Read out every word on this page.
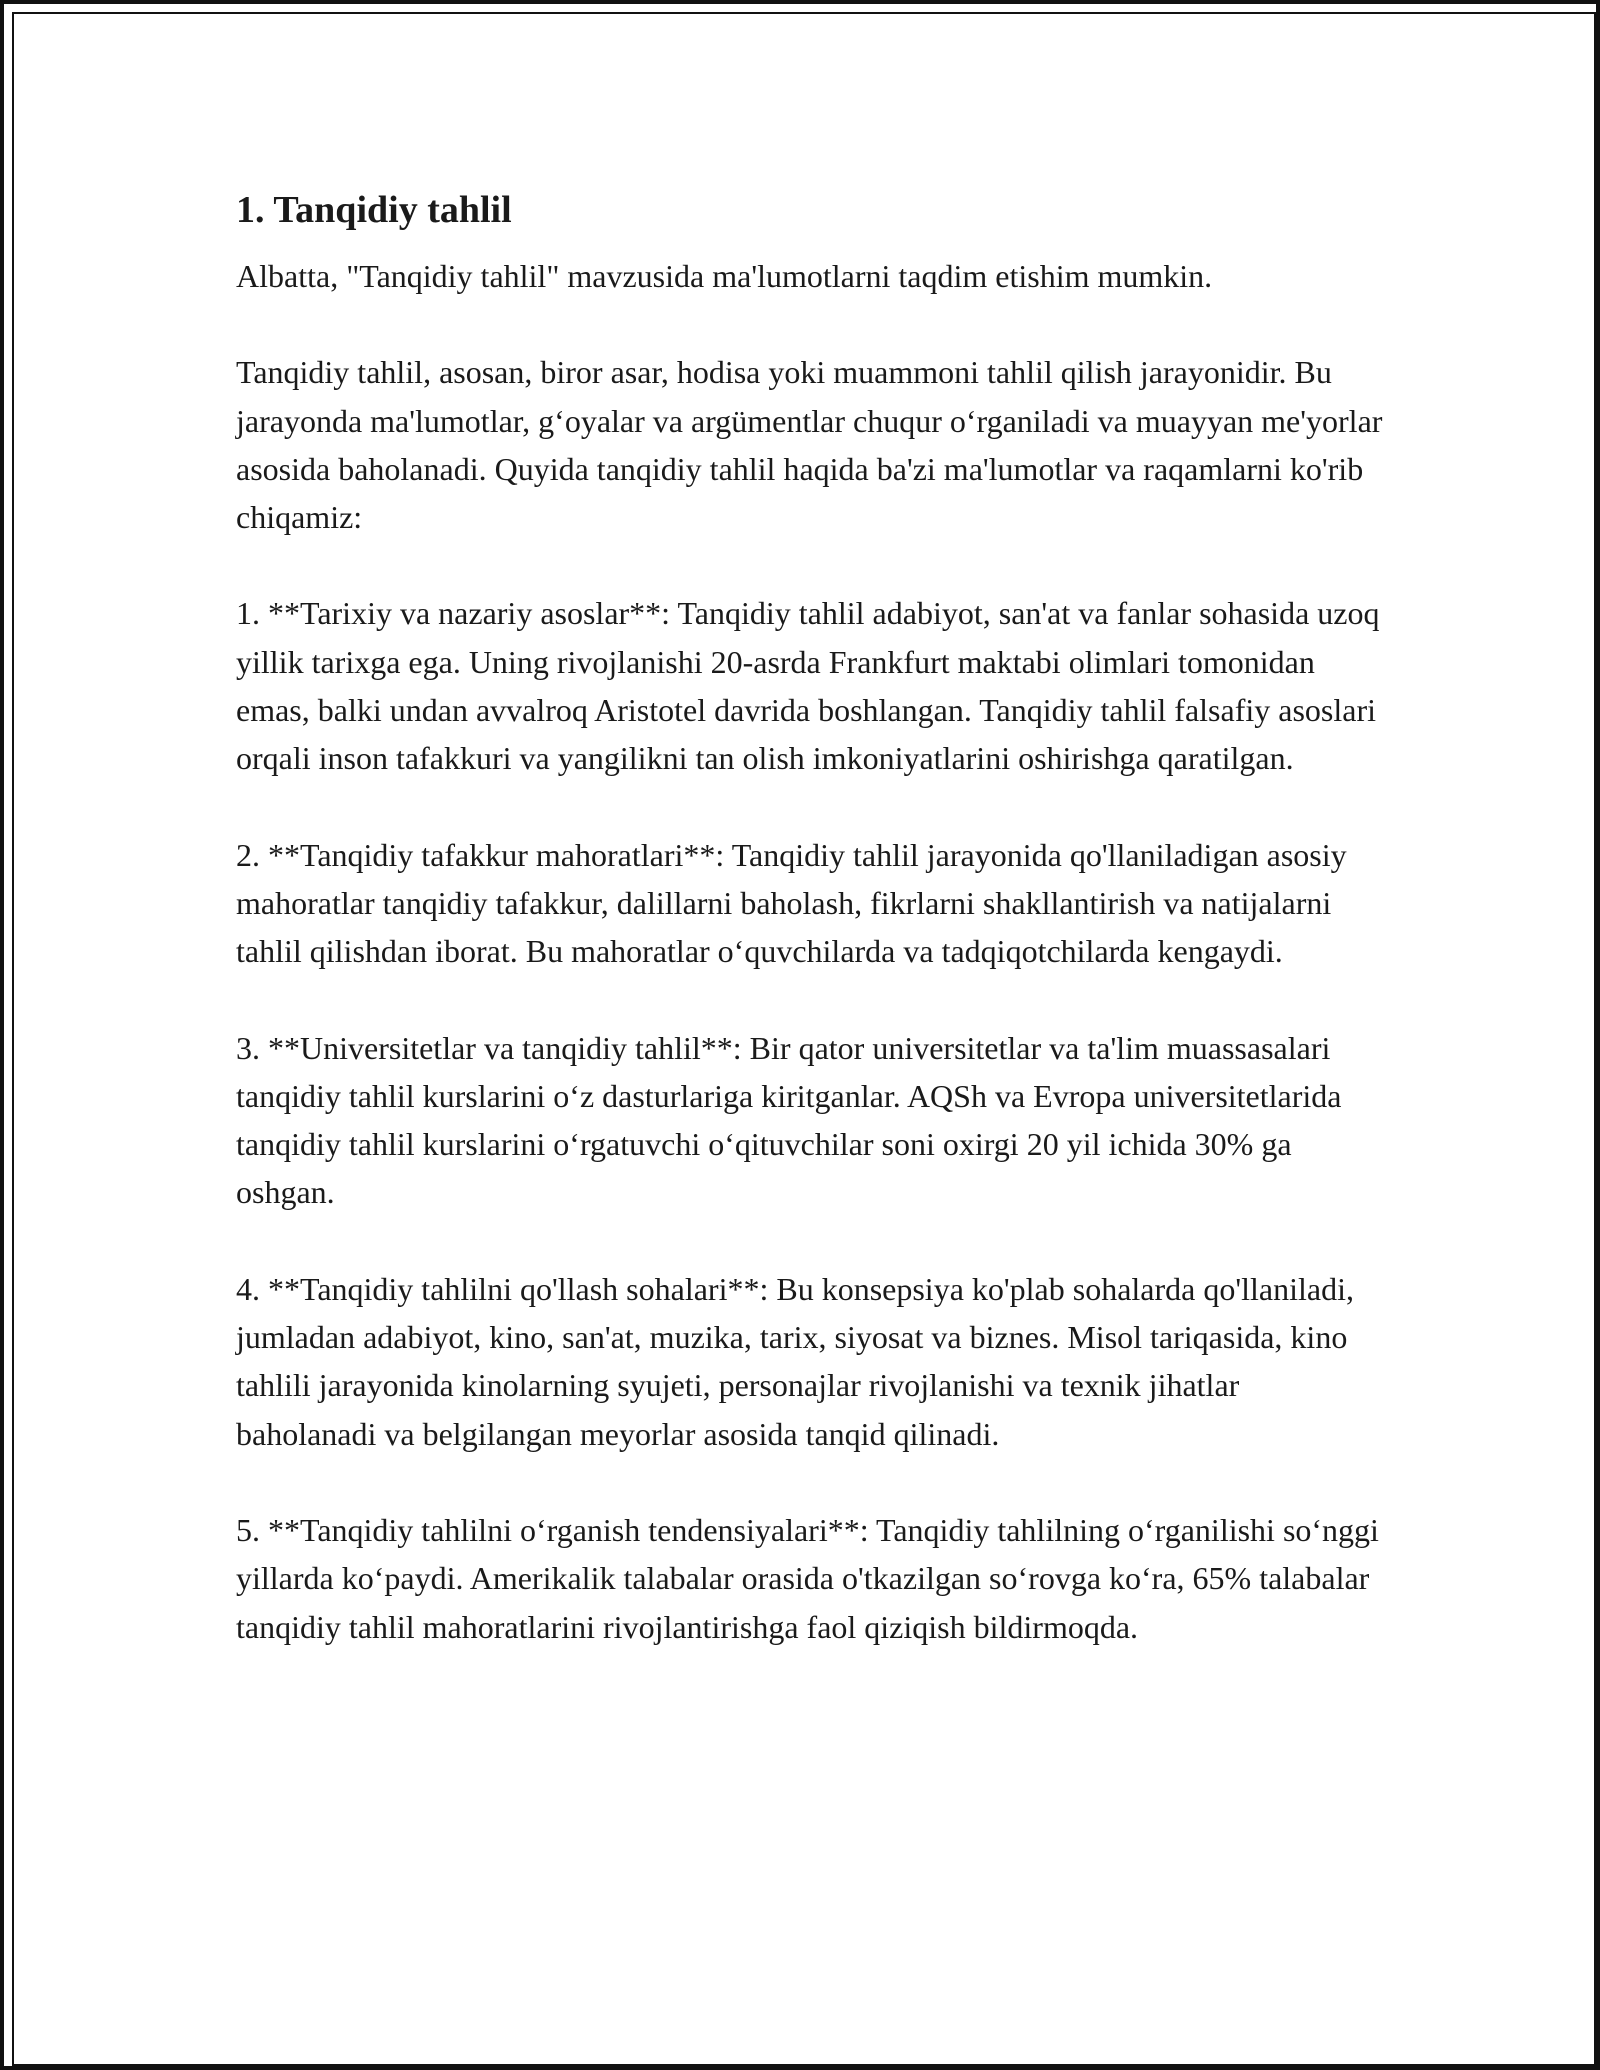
1. Tanqidiy tahlil

Albatta, "Tanqidiy tahlil" mavzusida ma'lumotlarni taqdim etishim mumkin.

Tanqidiy tahlil, asosan, biror asar, hodisa yoki muammoni tahlil qilish jarayonidir. Bu jarayonda ma'lumotlar, g‘oyalar va argümentlar chuqur o‘rganiladi va muayyan me'yorlar asosida baholanadi. Quyida tanqidiy tahlil haqida ba'zi ma'lumotlar va raqamlarni ko'rib chiqamiz:

1. **Tarixiy va nazariy asoslar**: Tanqidiy tahlil adabiyot, san'at va fanlar sohasida uzoq yillik tarixga ega. Uning rivojlanishi 20-asrda Frankfurt maktabi olimlari tomonidan emas, balki undan avvalroq Aristotel davrida boshlangan. Tanqidiy tahlil falsafiy asoslari orqali inson tafakkuri va yangilikni tan olish imkoniyatlarini oshirishga qaratilgan.

2. **Tanqidiy tafakkur mahoratlari**: Tanqidiy tahlil jarayonida qo'llaniladigan asosiy mahoratlar tanqidiy tafakkur, dalillarni baholash, fikrlarni shakllantirish va natijalarni tahlil qilishdan iborat. Bu mahoratlar o‘quvchilarda va tadqiqotchilarda kengaydi.

3. **Universitetlar va tanqidiy tahlil**: Bir qator universitetlar va ta'lim muassasalari tanqidiy tahlil kurslarini o‘z dasturlariga kiritganlar. AQSh va Evropa universitetlarida tanqidiy tahlil kurslarini o‘rgatuvchi o‘qituvchilar soni oxirgi 20 yil ichida 30% ga oshgan.

4. **Tanqidiy tahlilni qo'llash sohalari**: Bu konsepsiya ko'plab sohalarda qo'llaniladi, jumladan adabiyot, kino, san'at, muzika, tarix, siyosat va biznes. Misol tariqasida, kino tahlili jarayonida kinolarning syujeti, personajlar rivojlanishi va texnik jihatlar baholanadi va belgilangan meyorlar asosida tanqid qilinadi.

5. **Tanqidiy tahlilni o‘rganish tendensiyalari**: Tanqidiy tahlilning o‘rganilishi so‘nggi yillarda ko‘paydi. Amerikalik talabalar orasida o'tkazilgan so‘rovga ko‘ra, 65% talabalar tanqidiy tahlil mahoratlarini rivojlantirishga faol qiziqish bildirmoqda.
